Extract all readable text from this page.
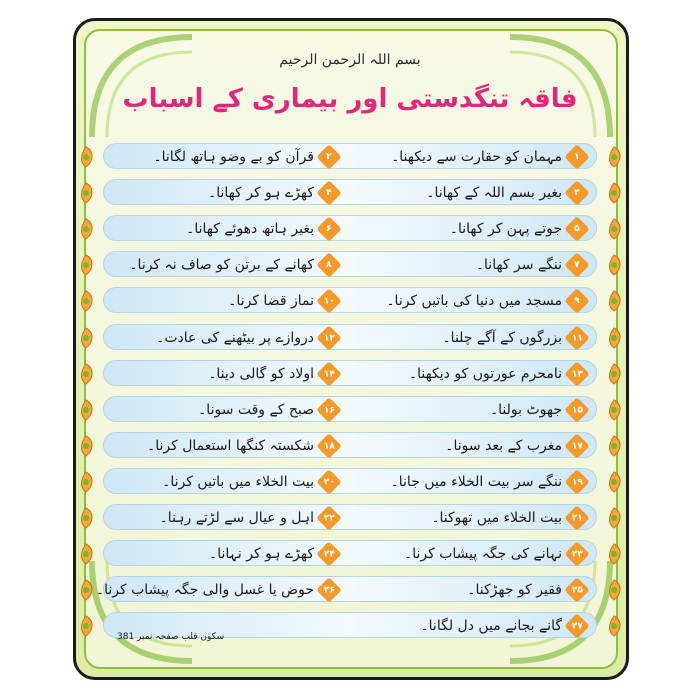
بسم اللہ الرحمن الرحیم
فاقہ تنگدستی اور بیماری کے اسباب
۱
مہمان کو حقارت سے دیکھنا۔
۲
قرآن کو بے وضو ہاتھ لگانا۔
۳
بغیر بسم اللہ کے کھانا۔
۴
کھڑے ہو کر کھانا۔
۵
جوتے پہن کر کھانا۔
۶
بغیر ہاتھ دھوئے کھانا۔
۷
ننگے سر کھانا۔
۸
کھانے کے برتن کو صاف نہ کرنا۔
۹
مسجد میں دنیا کی باتیں کرنا۔
۱۰
نماز قضا کرنا۔
۱۱
بزرگوں کے آگے چلنا۔
۱۲
دروازے پر بیٹھنے کی عادت۔
۱۳
نامحرم عورتوں کو دیکھنا۔
۱۴
اولاد کو گالی دینا۔
۱۵
جھوٹ بولنا۔
۱۶
صبح کے وقت سونا۔
۱۷
مغرب کے بعد سونا۔
۱۸
شکستہ کنگھا استعمال کرنا۔
۱۹
ننگے سر بیت الخلاء میں جانا۔
۲۰
بیت الخلاء میں باتیں کرنا۔
۲۱
بیت الخلاء میں تھوکنا۔
۲۲
اہل و عیال سے لڑتے رہنا۔
۲۳
نہانے کی جگہ پیشاب کرنا۔
۲۴
کھڑے ہو کر نہانا۔
۲۵
فقیر کو جھڑکنا۔
۲۶
حوض یا غسل والی جگہ پیشاب کرنا۔
۲۷
گانے بجانے میں دل لگانا۔
سکون قلب صفحہ نمبر 381
